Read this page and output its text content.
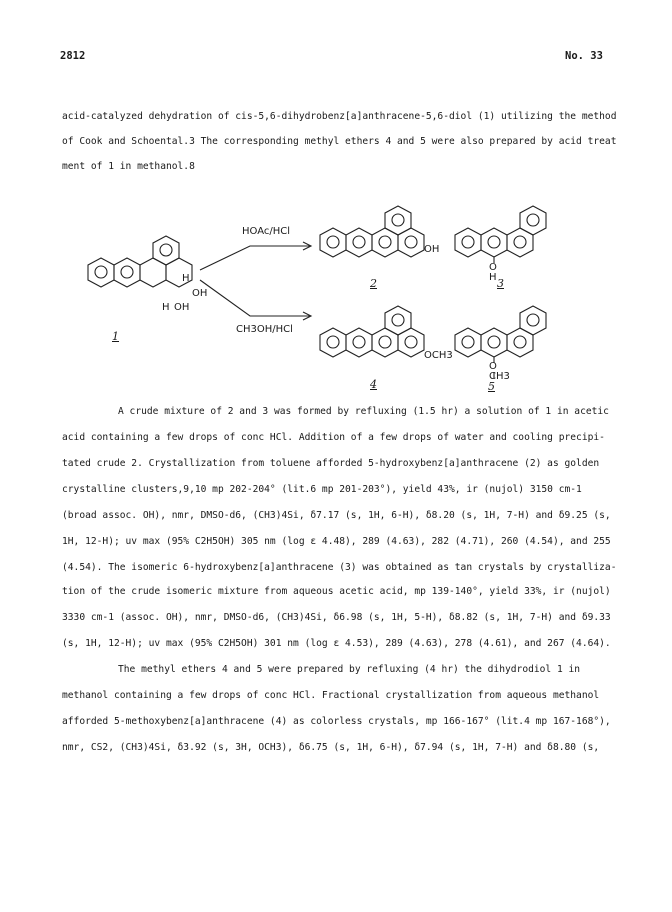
2812	No. 33
acid-catalyzed dehydration of cis-5,6-dihydrobenz[a]anthracene-5,6-diol (1) utilizing the method
of Cook and Schoental.3 The corresponding methyl ethers 4 and 5 were also prepared by acid treat
ment of 1 in methanol.8
HOAc/HCl
CH3OH/HCl
H
OH
H OH
OH
O
H
OCH3
O
CH3
1
2	3
4	5
A crude mixture of 2 and 3 was formed by refluxing (1.5 hr) a solution of 1 in acetic
acid containing a few drops of conc HCl. Addition of a few drops of water and cooling precipi-
tated crude 2. Crystallization from toluene afforded 5-hydroxybenz[a]anthracene (2) as golden
crystalline clusters,9,10 mp 202-204° (lit.6 mp 201-203°), yield 43%, ir (nujol) 3150 cm-1
(broad assoc. OH), nmr, DMSO-d6, (CH3)4Si, δ7.17 (s, 1H, 6-H), δ8.20 (s, 1H, 7-H) and δ9.25 (s,
1H, 12-H); uv max (95% C2H5OH) 305 nm (log ε 4.48), 289 (4.63), 282 (4.71), 260 (4.54), and 255
(4.54). The isomeric 6-hydroxybenz[a]anthracene (3) was obtained as tan crystals by crystalliza-
tion of the crude isomeric mixture from aqueous acetic acid, mp 139-140°, yield 33%, ir (nujol)
3330 cm-1 (assoc. OH), nmr, DMSO-d6, (CH3)4Si, δ6.98 (s, 1H, 5-H), δ8.82 (s, 1H, 7-H) and δ9.33
(s, 1H, 12-H); uv max (95% C2H5OH) 301 nm (log ε 4.53), 289 (4.63), 278 (4.61), and 267 (4.64).
The methyl ethers 4 and 5 were prepared by refluxing (4 hr) the dihydrodiol 1 in
methanol containing a few drops of conc HCl. Fractional crystallization from aqueous methanol
afforded 5-methoxybenz[a]anthracene (4) as colorless crystals, mp 166-167° (lit.4 mp 167-168°),
nmr, CS2, (CH3)4Si, δ3.92 (s, 3H, OCH3), δ6.75 (s, 1H, 6-H), δ7.94 (s, 1H, 7-H) and δ8.80 (s,
